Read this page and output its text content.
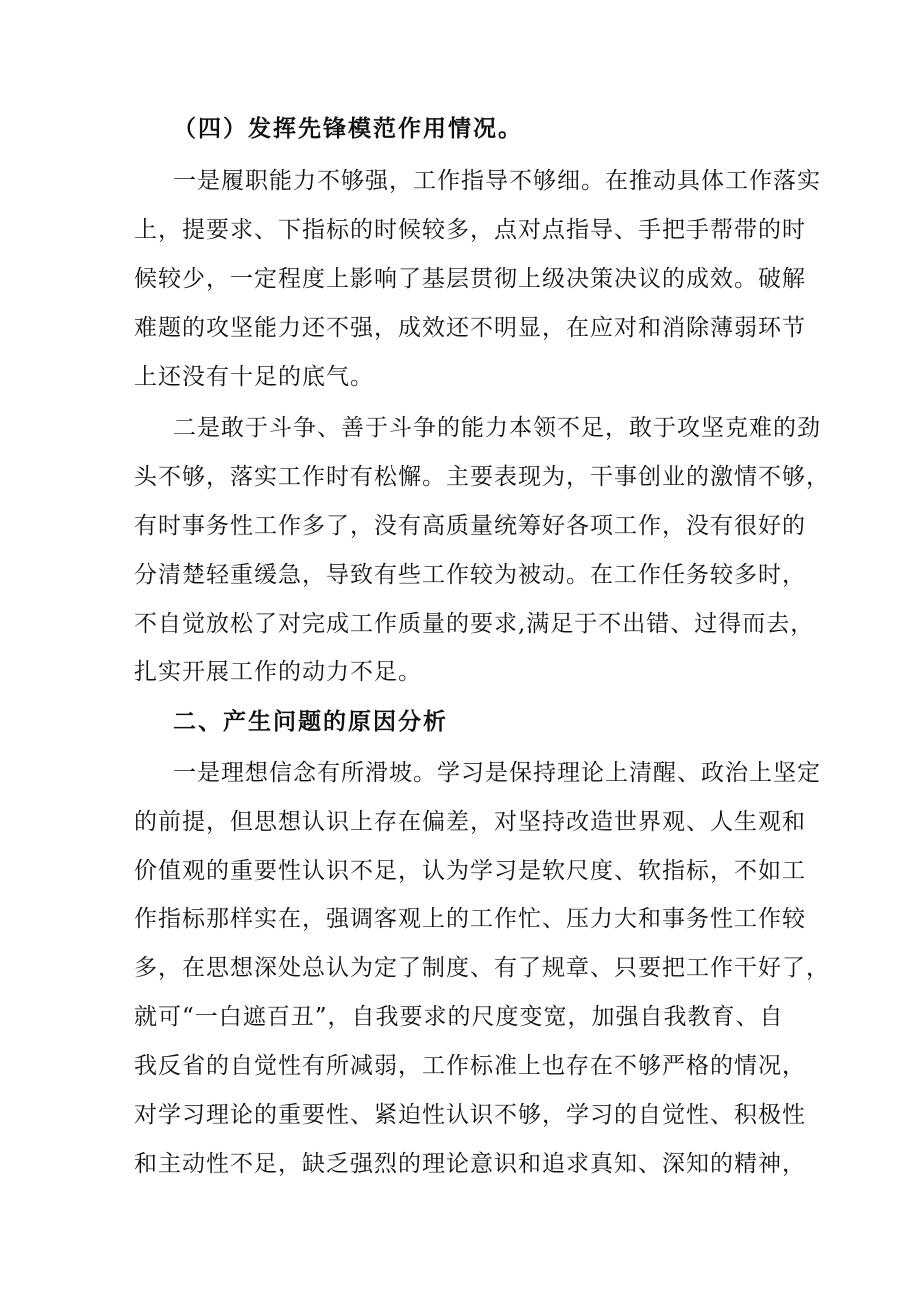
（四）发挥先锋模范作用情况。
一是履职能力不够强，工作指导不够细。在推动具体工作落实
上，提要求、下指标的时候较多，点对点指导、手把手帮带的时
候较少，一定程度上影响了基层贯彻上级决策决议的成效。破解
难题的攻坚能力还不强，成效还不明显，在应对和消除薄弱环节
上还没有十足的底气。
二是敢于斗争、善于斗争的能力本领不足，敢于攻坚克难的劲
头不够，落实工作时有松懈。主要表现为，干事创业的激情不够，
有时事务性工作多了，没有高质量统筹好各项工作，没有很好的
分清楚轻重缓急，导致有些工作较为被动。在工作任务较多时，
不自觉放松了对完成工作质量的要求,满足于不出错、过得而去，
扎实开展工作的动力不足。
二、产生问题的原因分析
一是理想信念有所滑坡。学习是保持理论上清醒、政治上坚定
的前提，但思想认识上存在偏差，对坚持改造世界观、人生观和
价值观的重要性认识不足，认为学习是软尺度、软指标，不如工
作指标那样实在，强调客观上的工作忙、压力大和事务性工作较
多，在思想深处总认为定了制度、有了规章、只要把工作干好了，
就可“一白遮百丑”，自我要求的尺度变宽，加强自我教育、自
我反省的自觉性有所减弱，工作标准上也存在不够严格的情况，
对学习理论的重要性、紧迫性认识不够，学习的自觉性、积极性
和主动性不足，缺乏强烈的理论意识和追求真知、深知的精神，
